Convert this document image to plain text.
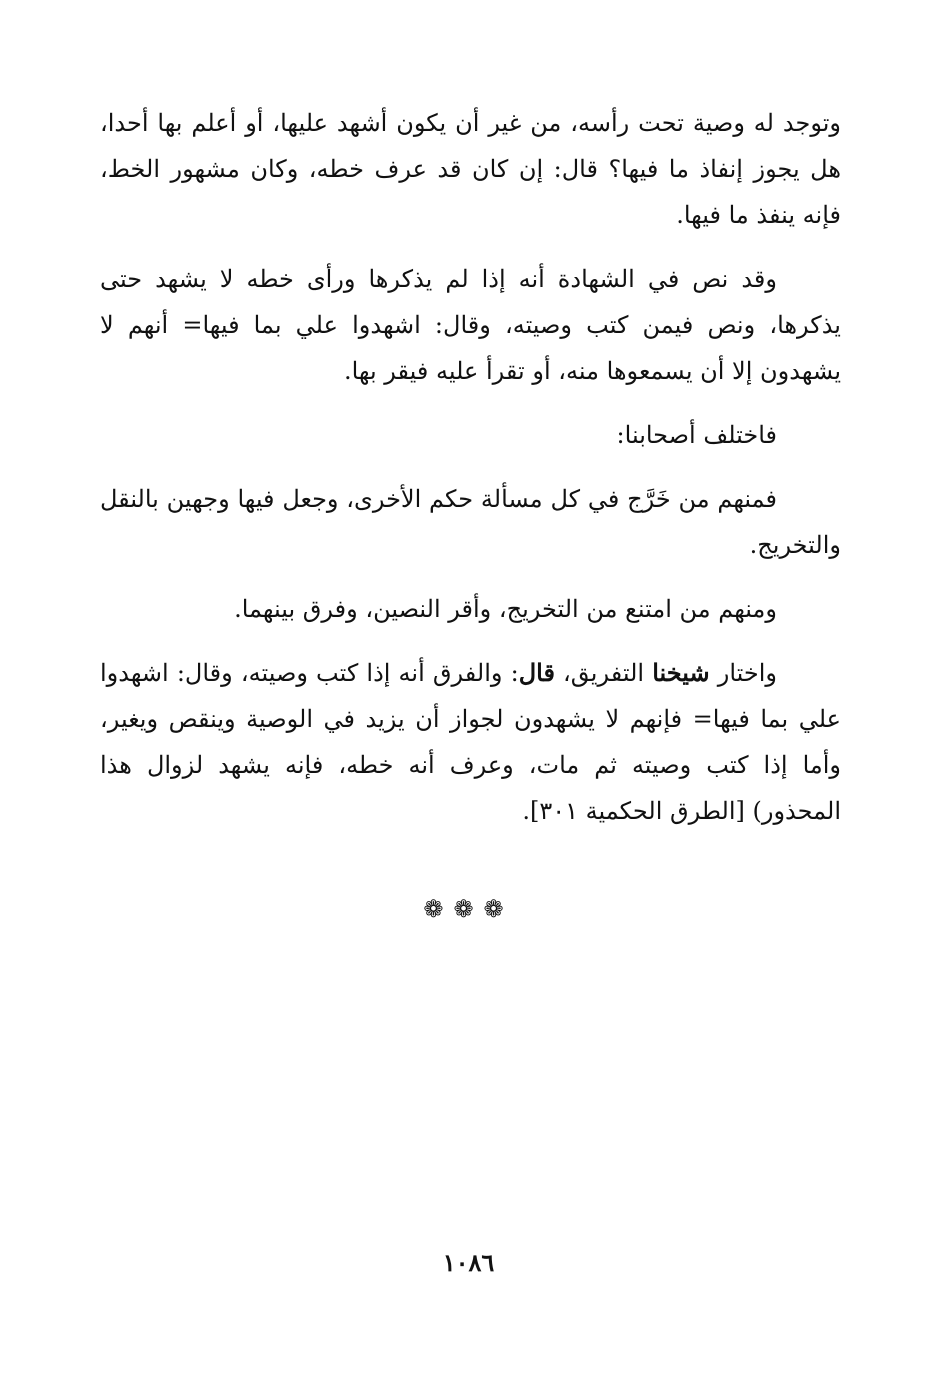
وتوجد له وصية تحت رأسه، من غير أن يكون أشهد عليها، أو أعلم بها أحدا، هل يجوز إنفاذ ما فيها؟ قال: إن كان قد عرف خطه، وكان مشهور الخط، فإنه ينفذ ما فيها.

وقد نص في الشهادة أنه إذا لم يذكرها ورأى خطه لا يشهد حتى يذكرها، ونص فيمن كتب وصيته، وقال: اشهدوا علي بما فيها= أنهم لا يشهدون إلا أن يسمعوها منه، أو تقرأ عليه فيقر بها.

فاختلف أصحابنا:

فمنهم من خَرَّج في كل مسألة حكم الأخرى، وجعل فيها وجهين بالنقل والتخريج.

ومنهم من امتنع من التخريج، وأقر النصين، وفرق بينهما.

واختار شيخنا التفريق، قال: والفرق أنه إذا كتب وصيته، وقال: اشهدوا علي بما فيها= فإنهم لا يشهدون لجواز أن يزيد في الوصية وينقص ويغير، وأما إذا كتب وصيته ثم مات، وعرف أنه خطه، فإنه يشهد لزوال هذا المحذور) [الطرق الحكمية ٣٠١].

❁❁❁
١٠٨٦
